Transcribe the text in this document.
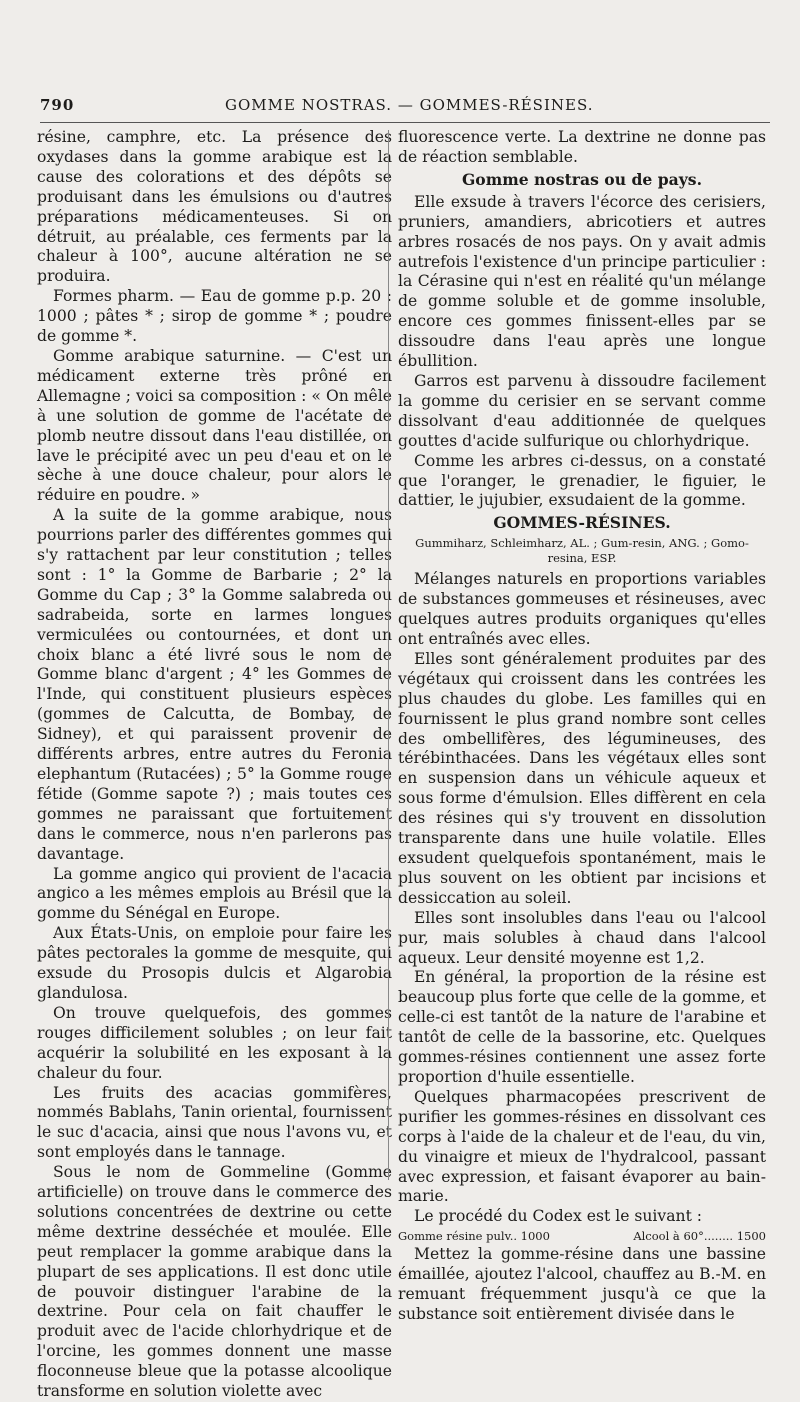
790	GOMME NOSTRAS. — GOMMES-RÉSINES.

résine, camphre, etc. La présence des oxydases dans la gomme arabique est la cause des colorations et des dépôts se produisant dans les émulsions ou d'autres préparations médicamenteuses. Si on détruit, au préalable, ces ferments par la chaleur à 100°, aucune altération ne se produira.

Formes pharm. — Eau de gomme p.p. 20 : 1000 ; pâtes * ; sirop de gomme * ; poudre de gomme *.

Gomme arabique saturnine. — C'est un médicament externe très prôné en Allemagne ; voici sa composition : « On mêle à une solution de gomme de l'acétate de plomb neutre dissout dans l'eau distillée, on lave le précipité avec un peu d'eau et on le sèche à une douce chaleur, pour alors le réduire en poudre. »

A la suite de la gomme arabique, nous pourrions parler des différentes gommes qui s'y rattachent par leur constitution ; telles sont : 1° la Gomme de Barbarie ; 2° la Gomme du Cap ; 3° la Gomme salabreda ou sadrabeida, sorte en larmes longues vermiculées ou contournées, et dont un choix blanc a été livré sous le nom de Gomme blanc d'argent ; 4° les Gommes de l'Inde, qui constituent plusieurs espèces (gommes de Calcutta, de Bombay, de Sidney), et qui paraissent provenir de différents arbres, entre autres du Feronia elephantum (Rutacées) ; 5° la Gomme rouge fétide (Gomme sapote ?) ; mais toutes ces gommes ne paraissant que fortuitement dans le commerce, nous n'en parlerons pas davantage.

La gomme angico qui provient de l'acacia angico a les mêmes emplois au Brésil que la gomme du Sénégal en Europe.

Aux États-Unis, on emploie pour faire les pâtes pectorales la gomme de mesquite, qui exsude du Prosopis dulcis et Algarobia glandulosa.

On trouve quelquefois, des gommes rouges difficilement solubles ; on leur fait acquérir la solubilité en les exposant à la chaleur du four.

Les fruits des acacias gommifères, nommés Bablahs, Tanin oriental, fournissent le suc d'acacia, ainsi que nous l'avons vu, et sont employés dans le tannage.

Sous le nom de Gommeline (Gomme artificielle) on trouve dans le commerce des solutions concentrées de dextrine ou cette même dextrine desséchée et moulée. Elle peut remplacer la gomme arabique dans la plupart de ses applications. Il est donc utile de pouvoir distinguer l'arabine de la dextrine. Pour cela on fait chauffer le produit avec de l'acide chlorhydrique et de l'orcine, les gommes donnent une masse floconneuse bleue que la potasse alcoolique transforme en solution violette avec

fluorescence verte. La dextrine ne donne pas de réaction semblable.

Gomme nostras ou de pays.

Elle exsude à travers l'écorce des cerisiers, pruniers, amandiers, abricotiers et autres arbres rosacés de nos pays. On y avait admis autrefois l'existence d'un principe particulier : la Cérasine qui n'est en réalité qu'un mélange de gomme soluble et de gomme insoluble, encore ces gommes finissent-elles par se dissoudre dans l'eau après une longue ébullition.

Garros est parvenu à dissoudre facilement la gomme du cerisier en se servant comme dissolvant d'eau additionnée de quelques gouttes d'acide sulfurique ou chlorhydrique.

Comme les arbres ci-dessus, on a constaté que l'oranger, le grenadier, le figuier, le dattier, le jujubier, exsudaient de la gomme.

GOMMES-RÉSINES.
Gummiharz, Schleimharz, AL. ; Gum-resin, ANG. ; Gomo-resina, ESP.

Mélanges naturels en proportions variables de substances gommeuses et résineuses, avec quelques autres produits organiques qu'elles ont entraînés avec elles.

Elles sont généralement produites par des végétaux qui croissent dans les contrées les plus chaudes du globe. Les familles qui en fournissent le plus grand nombre sont celles des ombellifères, des légumineuses, des térébinthacées. Dans les végétaux elles sont en suspension dans un véhicule aqueux et sous forme d'émulsion. Elles diffèrent en cela des résines qui s'y trouvent en dissolution transparente dans une huile volatile. Elles exsudent quelquefois spontanément, mais le plus souvent on les obtient par incisions et dessiccation au soleil.

Elles sont insolubles dans l'eau ou l'alcool pur, mais solubles à chaud dans l'alcool aqueux. Leur densité moyenne est 1,2.

En général, la proportion de la résine est beaucoup plus forte que celle de la gomme, et celle-ci est tantôt de la nature de l'arabine et tantôt de celle de la bassorine, etc. Quelques gommes-résines contiennent une assez forte proportion d'huile essentielle.

Quelques pharmacopées prescrivent de purifier les gommes-résines en dissolvant ces corps à l'aide de la chaleur et de l'eau, du vin, du vinaigre et mieux de l'hydralcool, passant avec expression, et faisant évaporer au bain-marie.

Le procédé du Codex est le suivant :

Gomme résine pulv.. 1000	Alcool à 60°........ 1500

Mettez la gomme-résine dans une bassine émaillée, ajoutez l'alcool, chauffez au B.-M. en remuant fréquemment jusqu'à ce que la substance soit entièrement divisée dans le
